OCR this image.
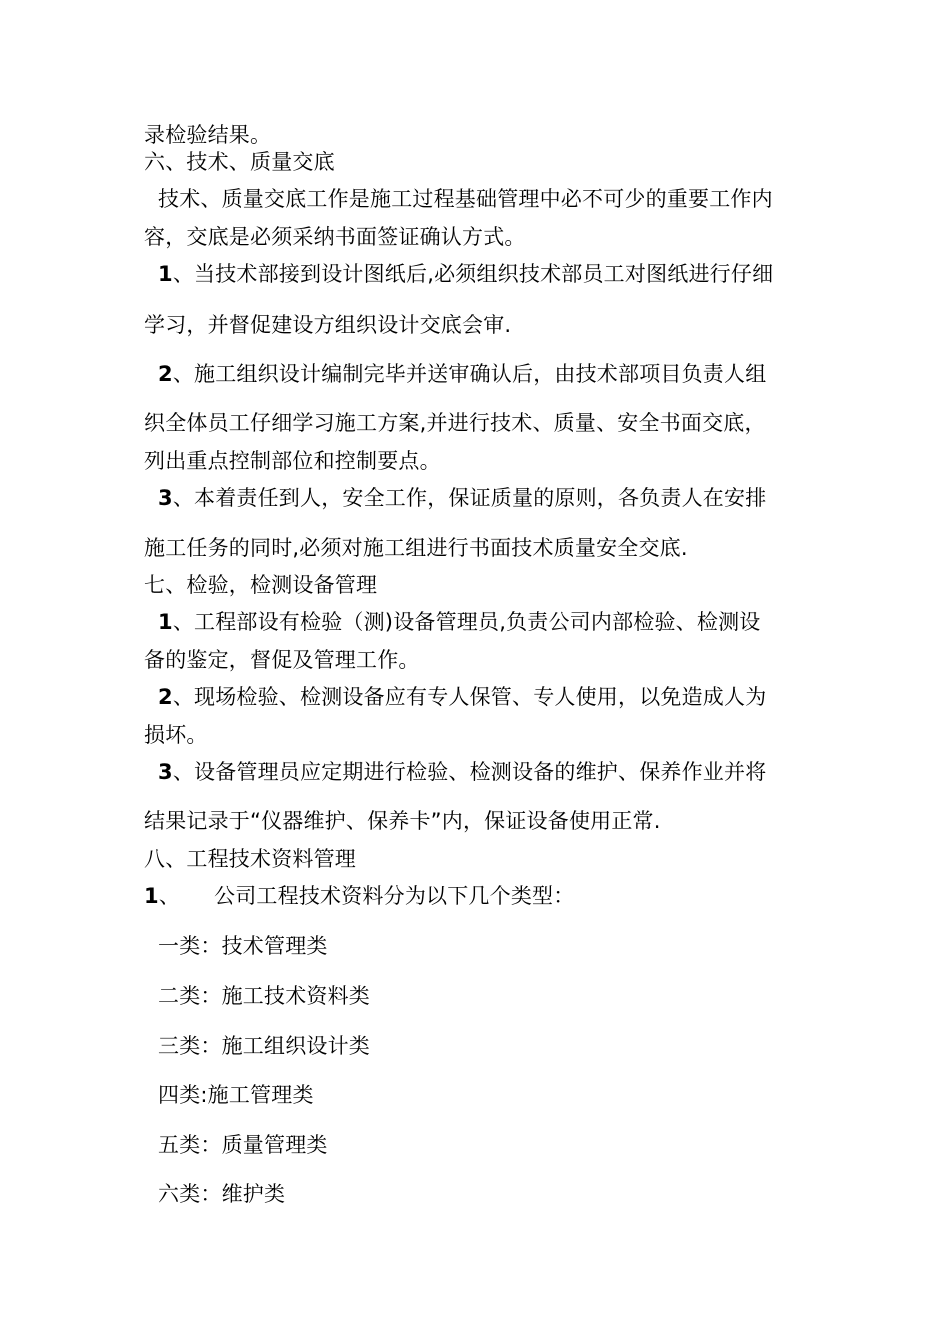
录检验结果。
六、技术、质量交底
技术、质量交底工作是施工过程基础管理中必不可少的重要工作内
容，交底是必须采纳书面签证确认方式。
1、当技术部接到设计图纸后,必须组织技术部员工对图纸进行仔细
学习，并督促建设方组织设计交底会审.
2、施工组织设计编制完毕并送审确认后，由技术部项目负责人组
织全体员工仔细学习施工方案,并进行技术、质量、安全书面交底，
列出重点控制部位和控制要点。
3、本着责任到人，安全工作，保证质量的原则，各负责人在安排
施工任务的同时,必须对施工组进行书面技术质量安全交底.
七、检验，检测设备管理
1、工程部设有检验（测)设备管理员,负责公司内部检验、检测设
备的鉴定，督促及管理工作。
2、现场检验、检测设备应有专人保管、专人使用，以免造成人为
损坏。
3、设备管理员应定期进行检验、检测设备的维护、保养作业并将
结果记录于“仪器维护、保养卡”内，保证设备使用正常.
八、工程技术资料管理
1、 公司工程技术资料分为以下几个类型：
一类：技术管理类
二类：施工技术资料类
三类：施工组织设计类
四类:施工管理类
五类：质量管理类
六类：维护类
